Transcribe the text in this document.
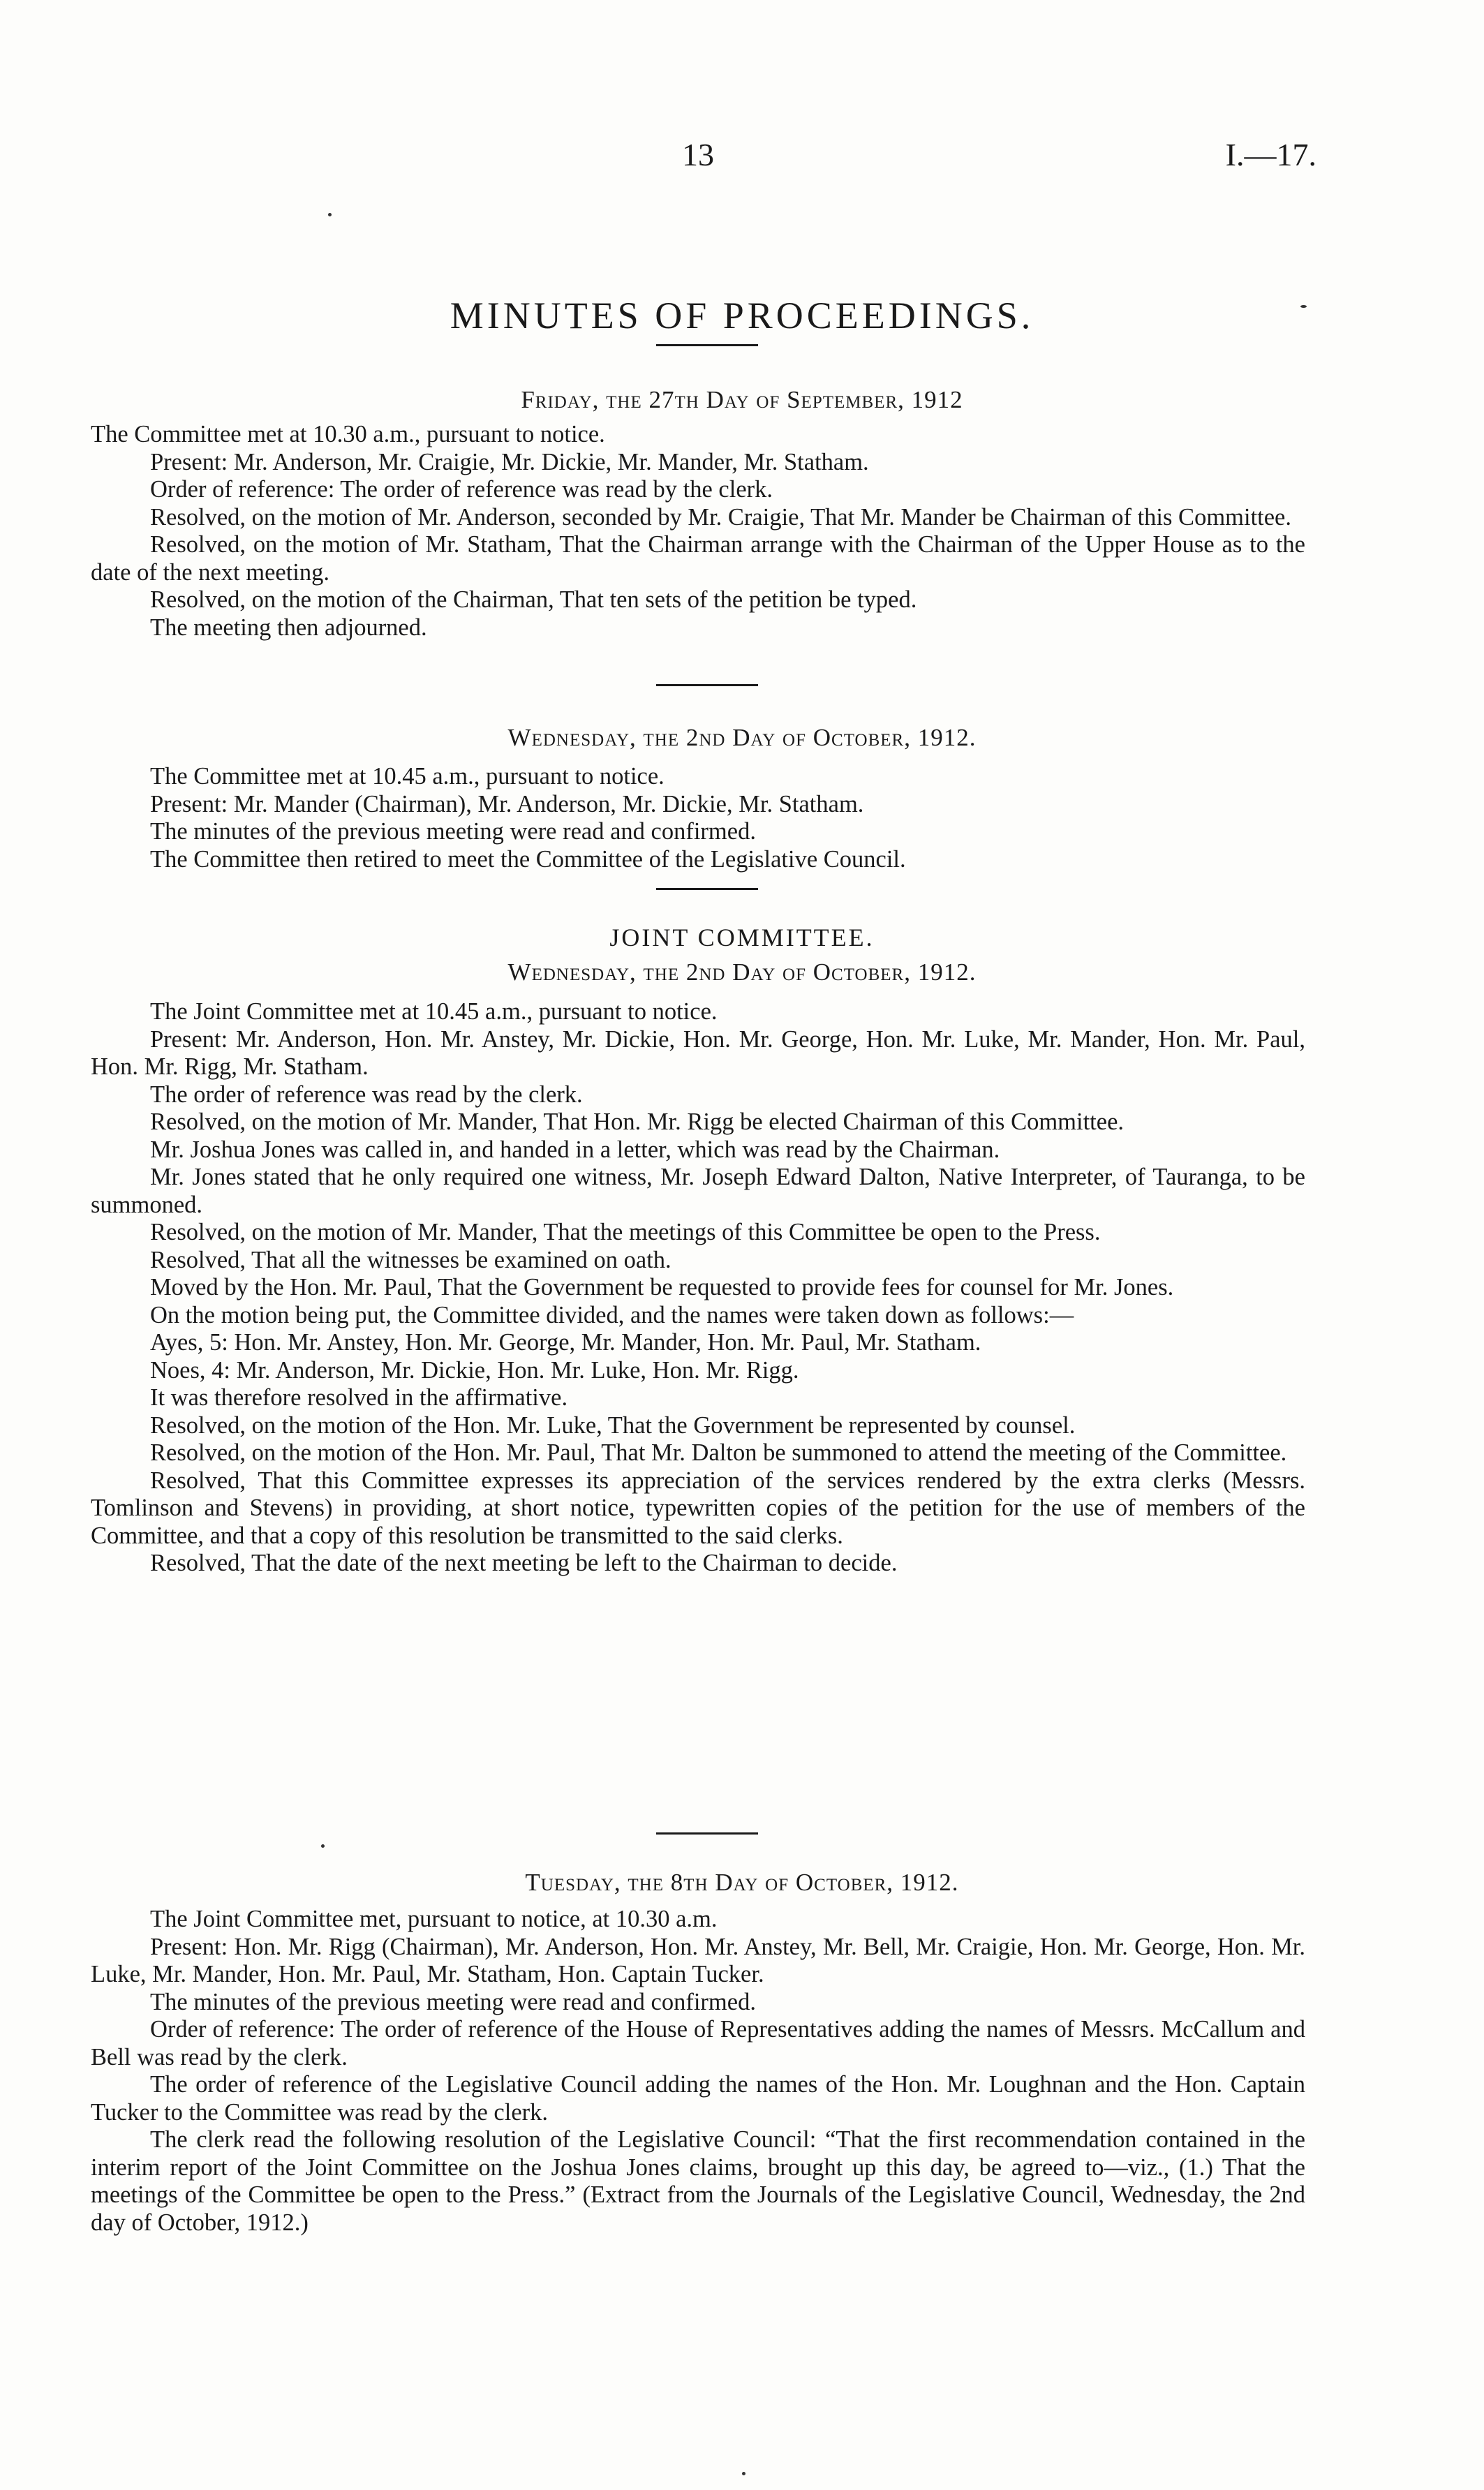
13	I.—17.
MINUTES OF PROCEEDINGS.
Friday, the 27th Day of September, 1912

The Committee met at 10.30 a.m., pursuant to notice.

Present: Mr. Anderson, Mr. Craigie, Mr. Dickie, Mr. Mander, Mr. Statham.

Order of reference: The order of reference was read by the clerk.

Resolved, on the motion of Mr. Anderson, seconded by Mr. Craigie, That Mr. Mander be Chairman of this Committee.

Resolved, on the motion of Mr. Statham, That the Chairman arrange with the Chairman of the Upper House as to the date of the next meeting.

Resolved, on the motion of the Chairman, That ten sets of the petition be typed.

The meeting then adjourned.

Wednesday, the 2nd Day of October, 1912.

The Committee met at 10.45 a.m., pursuant to notice.

Present: Mr. Mander (Chairman), Mr. Anderson, Mr. Dickie, Mr. Statham.

The minutes of the previous meeting were read and confirmed.

The Committee then retired to meet the Committee of the Legislative Council.

JOINT COMMITTEE.
Wednesday, the 2nd Day of October, 1912.

The Joint Committee met at 10.45 a.m., pursuant to notice.

Present: Mr. Anderson, Hon. Mr. Anstey, Mr. Dickie, Hon. Mr. George, Hon. Mr. Luke, Mr. Mander, Hon. Mr. Paul, Hon. Mr. Rigg, Mr. Statham.

The order of reference was read by the clerk.

Resolved, on the motion of Mr. Mander, That Hon. Mr. Rigg be elected Chairman of this Committee.

Mr. Joshua Jones was called in, and handed in a letter, which was read by the Chairman.

Mr. Jones stated that he only required one witness, Mr. Joseph Edward Dalton, Native Interpreter, of Tauranga, to be summoned.

Resolved, on the motion of Mr. Mander, That the meetings of this Committee be open to the Press.

Resolved, That all the witnesses be examined on oath.

Moved by the Hon. Mr. Paul, That the Government be requested to provide fees for counsel for Mr. Jones.

On the motion being put, the Committee divided, and the names were taken down as follows:—

Ayes, 5: Hon. Mr. Anstey, Hon. Mr. George, Mr. Mander, Hon. Mr. Paul, Mr. Statham.

Noes, 4: Mr. Anderson, Mr. Dickie, Hon. Mr. Luke, Hon. Mr. Rigg.

It was therefore resolved in the affirmative.

Resolved, on the motion of the Hon. Mr. Luke, That the Government be represented by counsel.

Resolved, on the motion of the Hon. Mr. Paul, That Mr. Dalton be summoned to attend the meeting of the Committee.

Resolved, That this Committee expresses its appreciation of the services rendered by the extra clerks (Messrs. Tomlinson and Stevens) in providing, at short notice, typewritten copies of the petition for the use of members of the Committee, and that a copy of this resolution be transmitted to the said clerks.

Resolved, That the date of the next meeting be left to the Chairman to decide.

Tuesday, the 8th Day of October, 1912.

The Joint Committee met, pursuant to notice, at 10.30 a.m.

Present: Hon. Mr. Rigg (Chairman), Mr. Anderson, Hon. Mr. Anstey, Mr. Bell, Mr. Craigie, Hon. Mr. George, Hon. Mr. Luke, Mr. Mander, Hon. Mr. Paul, Mr. Statham, Hon. Captain Tucker.

The minutes of the previous meeting were read and confirmed.

Order of reference: The order of reference of the House of Representatives adding the names of Messrs. McCallum and Bell was read by the clerk.

The order of reference of the Legislative Council adding the names of the Hon. Mr. Loughnan and the Hon. Captain Tucker to the Committee was read by the clerk.

The clerk read the following resolution of the Legislative Council: “That the first recommendation contained in the interim report of the Joint Committee on the Joshua Jones claims, brought up this day, be agreed to—viz., (1.) That the meetings of the Committee be open to the Press.” (Extract from the Journals of the Legislative Council, Wednesday, the 2nd day of October, 1912.)
